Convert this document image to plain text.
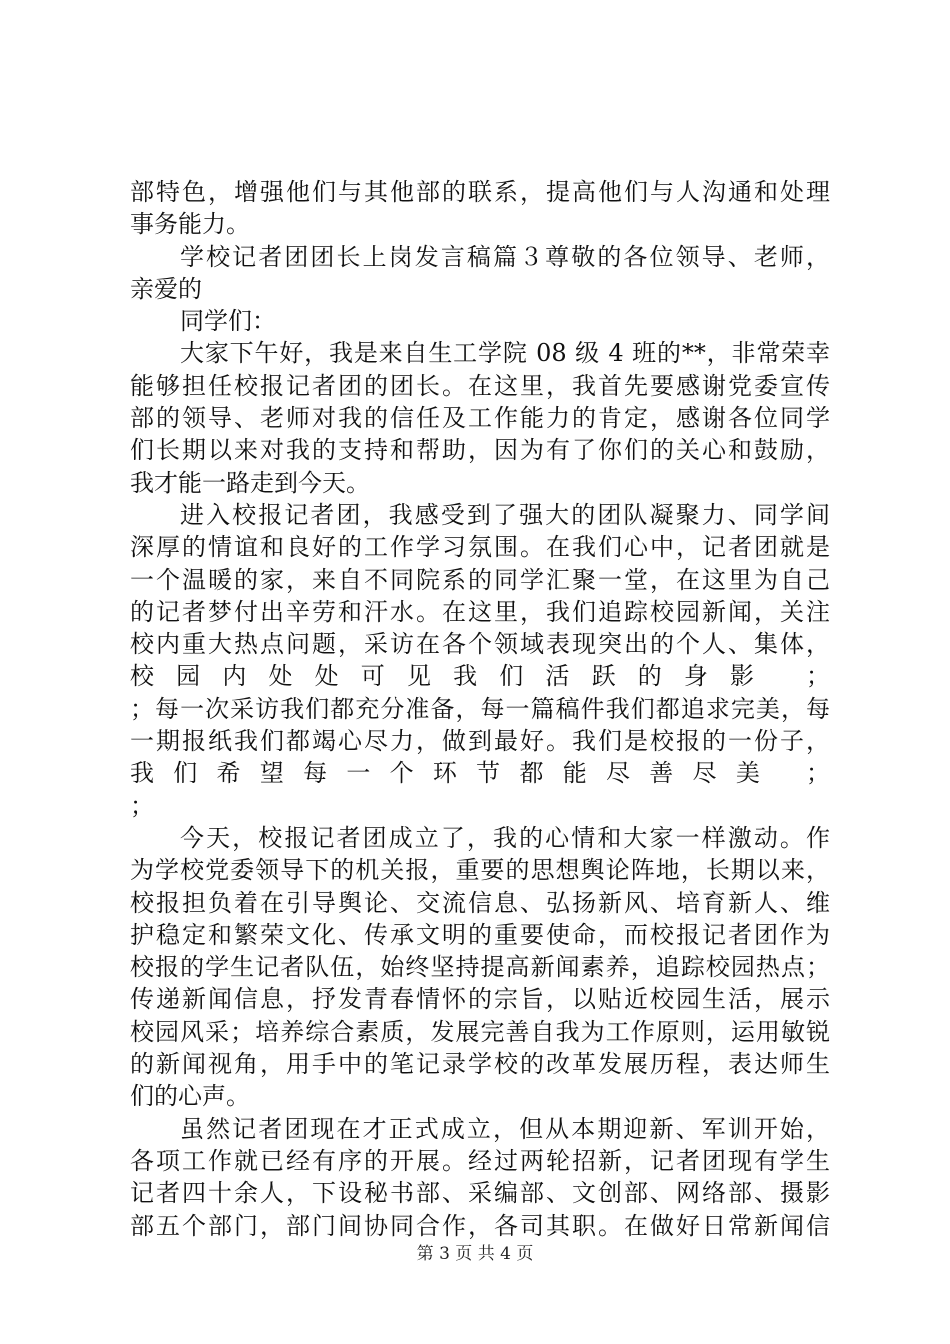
部特色，增强他们与其他部的联系，提高他们与人沟通和处理
事务能力。
学校记者团团长上岗发言稿篇３尊敬的各位领导、老师，
亲爱的
同学们：
大家下午好，我是来自生工学院 08 级 4 班的**，非常荣幸
能够担任校报记者团的团长。在这里，我首先要感谢党委宣传
部的领导、老师对我的信任及工作能力的肯定，感谢各位同学
们长期以来对我的支持和帮助，因为有了你们的关心和鼓励，
我才能一路走到今天。
进入校报记者团，我感受到了强大的团队凝聚力、同学间
深厚的情谊和良好的工作学习氛围。在我们心中，记者团就是
一个温暖的家，来自不同院系的同学汇聚一堂，在这里为自己
的记者梦付出辛劳和汗水。在这里，我们追踪校园新闻，关注
校内重大热点问题，采访在各个领域表现突出的个人、集体，
校园内处处可见我们活跃的身影 ；
；每一次采访我们都充分准备，每一篇稿件我们都追求完美，每
一期报纸我们都竭心尽力，做到最好。我们是校报的一份子，
我们希望每一个环节都能尽善尽美 ；
；
今天，校报记者团成立了，我的心情和大家一样激动。作
为学校党委领导下的机关报，重要的思想舆论阵地，长期以来，
校报担负着在引导舆论、交流信息、弘扬新风、培育新人、维
护稳定和繁荣文化、传承文明的重要使命，而校报记者团作为
校报的学生记者队伍，始终坚持提高新闻素养，追踪校园热点；
传递新闻信息，抒发青春情怀的宗旨，以贴近校园生活，展示
校园风采；培养综合素质，发展完善自我为工作原则，运用敏锐
的新闻视角，用手中的笔记录学校的改革发展历程，表达师生
们的心声。
虽然记者团现在才正式成立，但从本期迎新、军训开始，
各项工作就已经有序的开展。经过两轮招新，记者团现有学生
记者四十余人，下设秘书部、采编部、文创部、网络部、摄影
部五个部门，部门间协同合作，各司其职。在做好日常新闻信
第 3 页 共 4 页
